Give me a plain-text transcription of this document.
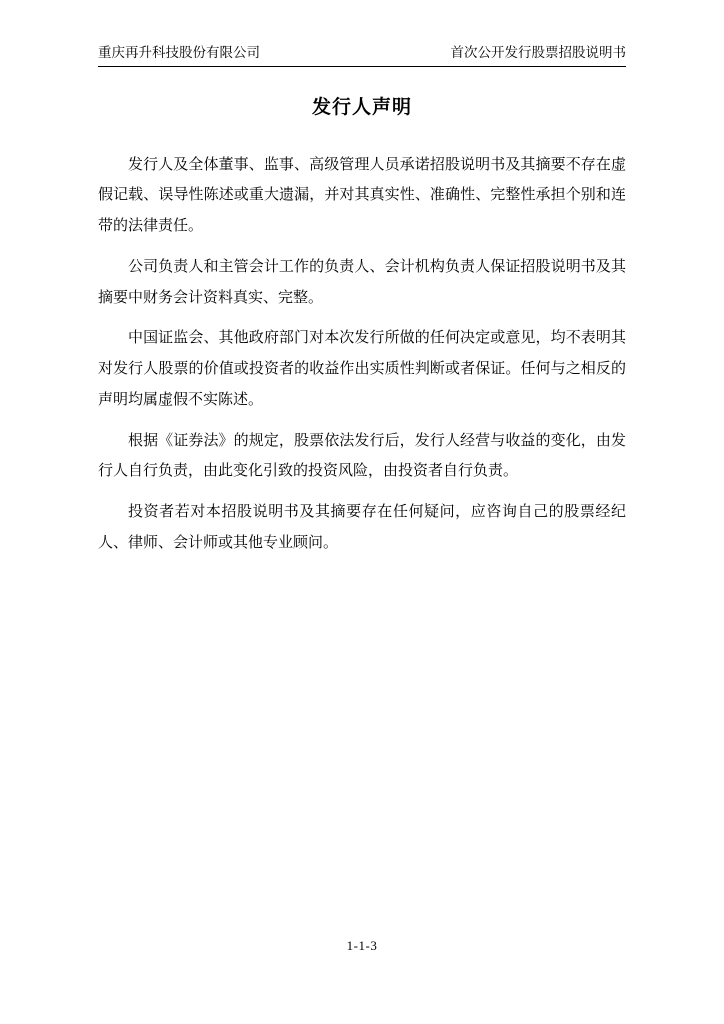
重庆再升科技股份有限公司	首次公开发行股票招股说明书
发行人声明

发行人及全体董事、监事、高级管理人员承诺招股说明书及其摘要不存在虚假记载、误导性陈述或重大遗漏，并对其真实性、准确性、完整性承担个别和连带的法律责任。

公司负责人和主管会计工作的负责人、会计机构负责人保证招股说明书及其摘要中财务会计资料真实、完整。

中国证监会、其他政府部门对本次发行所做的任何决定或意见，均不表明其对发行人股票的价值或投资者的收益作出实质性判断或者保证。任何与之相反的声明均属虚假不实陈述。

根据《证券法》的规定，股票依法发行后，发行人经营与收益的变化，由发行人自行负责，由此变化引致的投资风险，由投资者自行负责。

投资者若对本招股说明书及其摘要存在任何疑问，应咨询自己的股票经纪人、律师、会计师或其他专业顾问。

1-1-3
